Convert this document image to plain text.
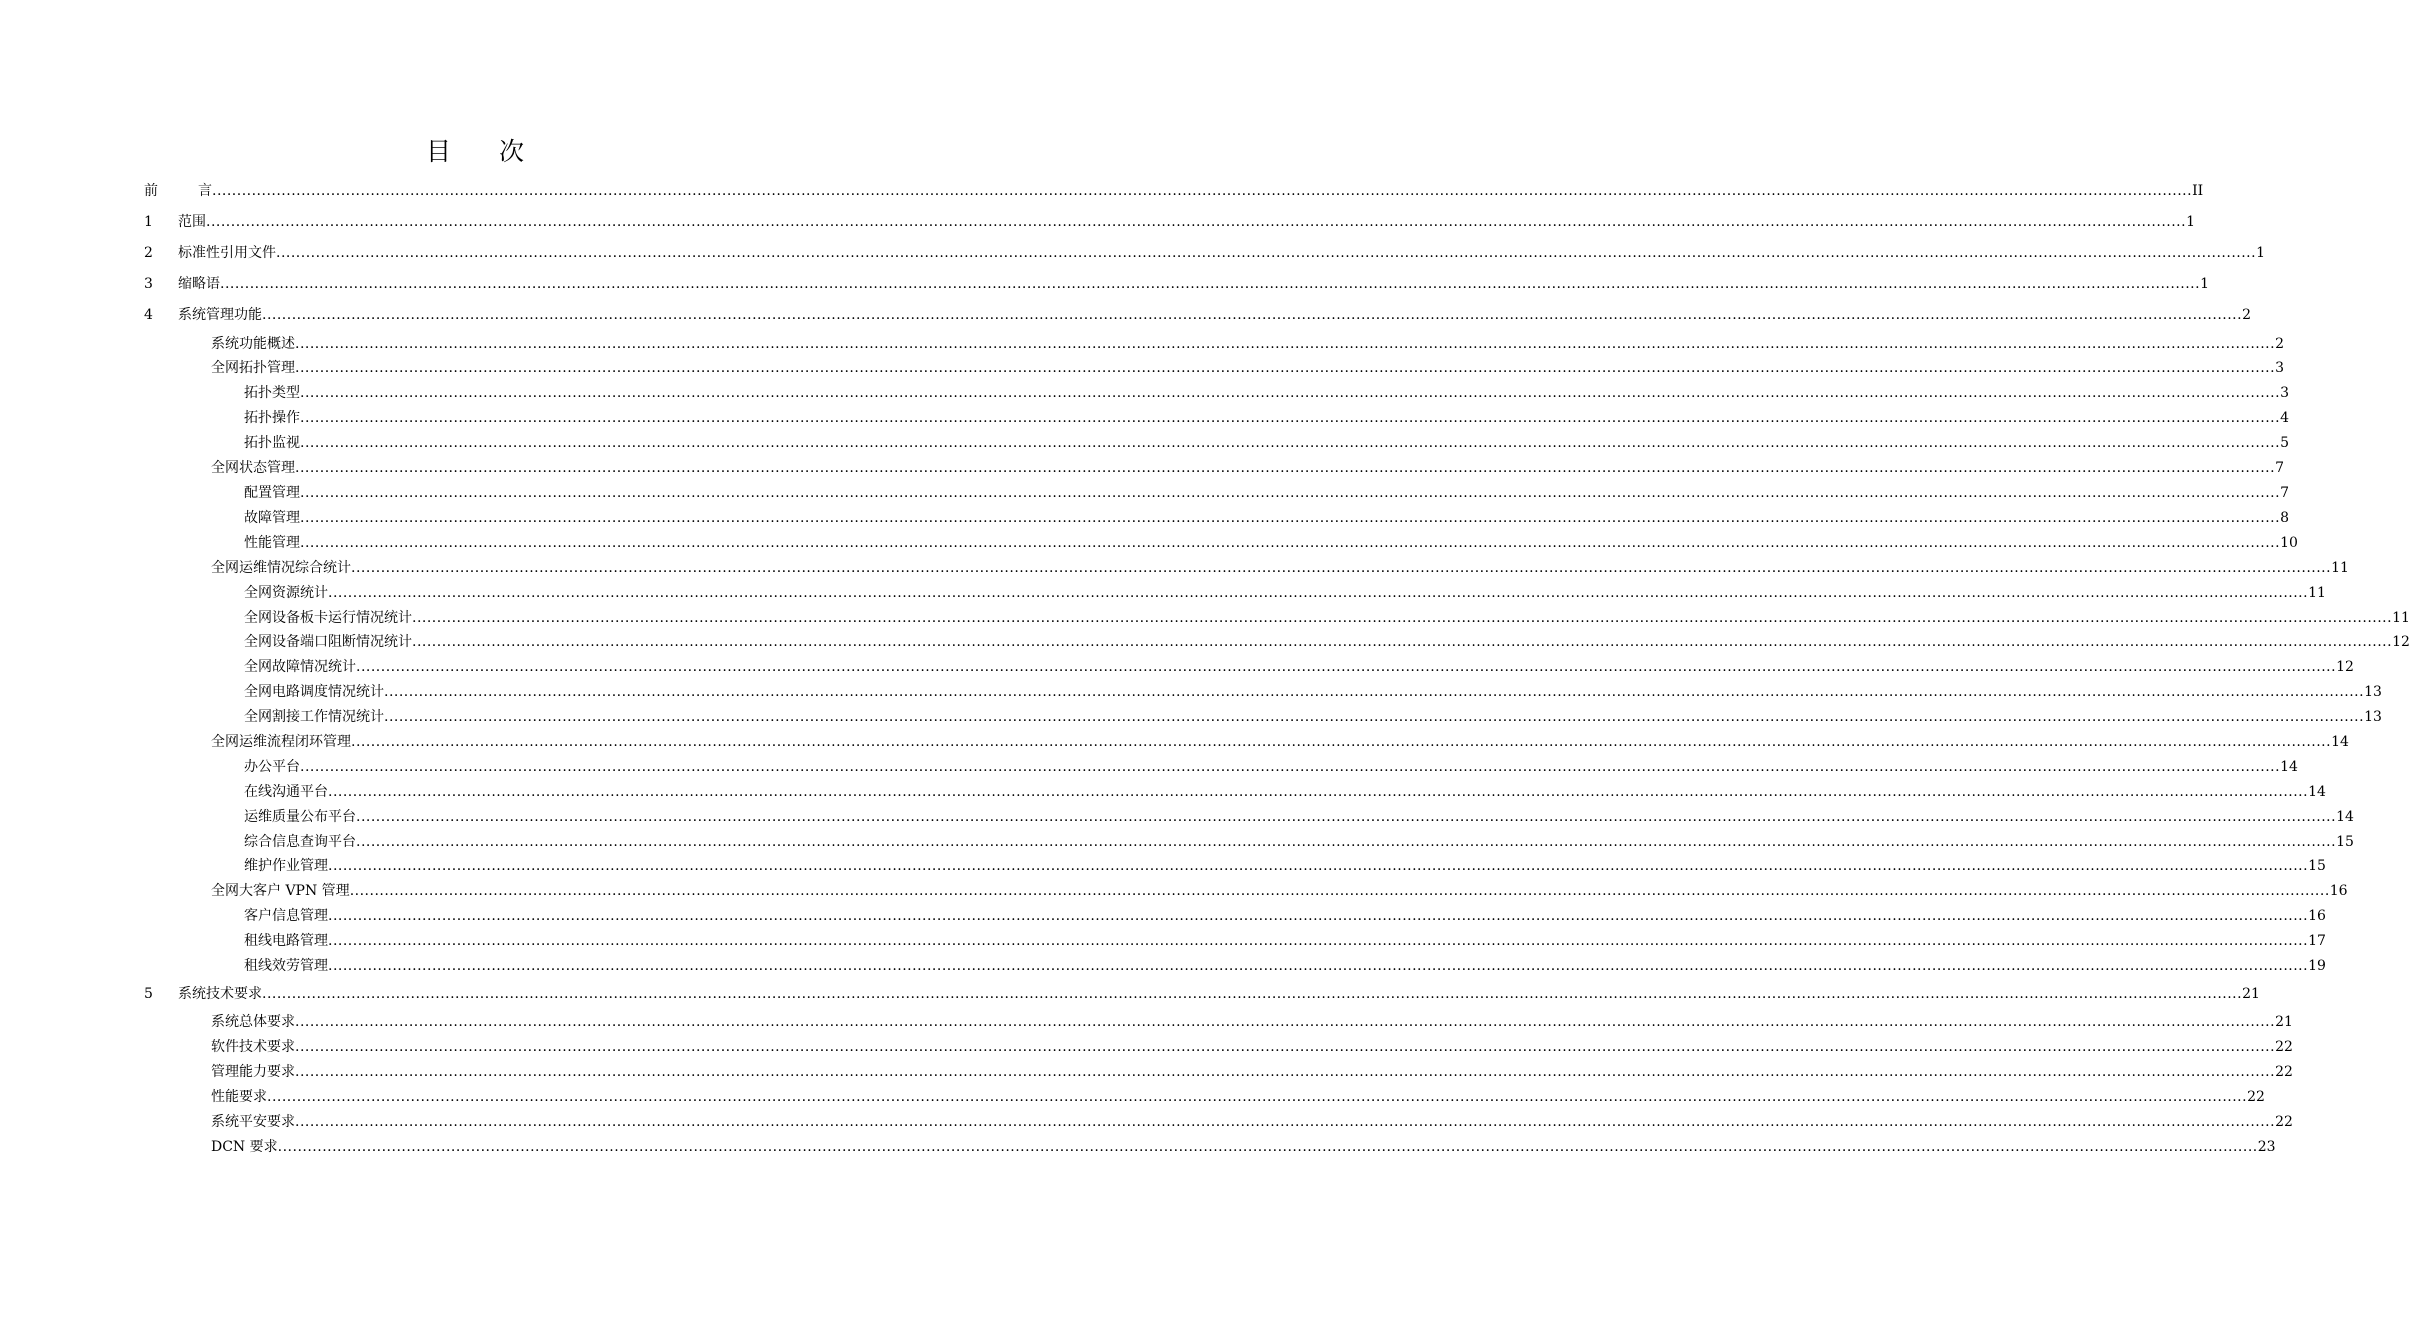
目 次
前	言 ................................................................................................................................................................................................................................................................................................................................................................................................................ II
1 范围 ................................................................................................................................................................................................................................................................................................................................................................................................................ 1
2 标准性引用文件 ................................................................................................................................................................................................................................................................................................................................................................................................................ 1
3 缩略语 ................................................................................................................................................................................................................................................................................................................................................................................................................ 1
4 系统管理功能 ................................................................................................................................................................................................................................................................................................................................................................................................................ 2
系统功能概述 ................................................................................................................................................................................................................................................................................................................................................................................................................ 2
全网拓扑管理 ................................................................................................................................................................................................................................................................................................................................................................................................................ 3
拓扑类型 ................................................................................................................................................................................................................................................................................................................................................................................................................ 3
拓扑操作 ................................................................................................................................................................................................................................................................................................................................................................................................................ 4
拓扑监视 ................................................................................................................................................................................................................................................................................................................................................................................................................ 5
全网状态管理 ................................................................................................................................................................................................................................................................................................................................................................................................................ 7
配置管理 ................................................................................................................................................................................................................................................................................................................................................................................................................ 7
故障管理 ................................................................................................................................................................................................................................................................................................................................................................................................................ 8
性能管理 ................................................................................................................................................................................................................................................................................................................................................................................................................ 10
全网运维情况综合统计 ................................................................................................................................................................................................................................................................................................................................................................................................................ 11
全网资源统计 ................................................................................................................................................................................................................................................................................................................................................................................................................ 11
全网设备板卡运行情况统计 ................................................................................................................................................................................................................................................................................................................................................................................................................ 11
全网设备端口阻断情况统计 ................................................................................................................................................................................................................................................................................................................................................................................................................ 12
全网故障情况统计 ................................................................................................................................................................................................................................................................................................................................................................................................................ 12
全网电路调度情况统计 ................................................................................................................................................................................................................................................................................................................................................................................................................ 13
全网割接工作情况统计 ................................................................................................................................................................................................................................................................................................................................................................................................................ 13
全网运维流程闭环管理 ................................................................................................................................................................................................................................................................................................................................................................................................................ 14
办公平台 ................................................................................................................................................................................................................................................................................................................................................................................................................ 14
在线沟通平台 ................................................................................................................................................................................................................................................................................................................................................................................................................ 14
运维质量公布平台 ................................................................................................................................................................................................................................................................................................................................................................................................................ 14
综合信息查询平台 ................................................................................................................................................................................................................................................................................................................................................................................................................ 15
维护作业管理 ................................................................................................................................................................................................................................................................................................................................................................................................................ 15
全网大客户 VPN 管理 ................................................................................................................................................................................................................................................................................................................................................................................................................ 16
客户信息管理 ................................................................................................................................................................................................................................................................................................................................................................................................................ 16
租线电路管理 ................................................................................................................................................................................................................................................................................................................................................................................................................ 17
租线效劳管理 ................................................................................................................................................................................................................................................................................................................................................................................................................ 19
5 系统技术要求 ................................................................................................................................................................................................................................................................................................................................................................................................................ 21
系统总体要求 ................................................................................................................................................................................................................................................................................................................................................................................................................ 21
软件技术要求 ................................................................................................................................................................................................................................................................................................................................................................................................................ 22
管理能力要求 ................................................................................................................................................................................................................................................................................................................................................................................................................ 22
性能要求 ................................................................................................................................................................................................................................................................................................................................................................................................................ 22
系统平安要求 ................................................................................................................................................................................................................................................................................................................................................................................................................ 22
DCN 要求 ................................................................................................................................................................................................................................................................................................................................................................................................................ 23
